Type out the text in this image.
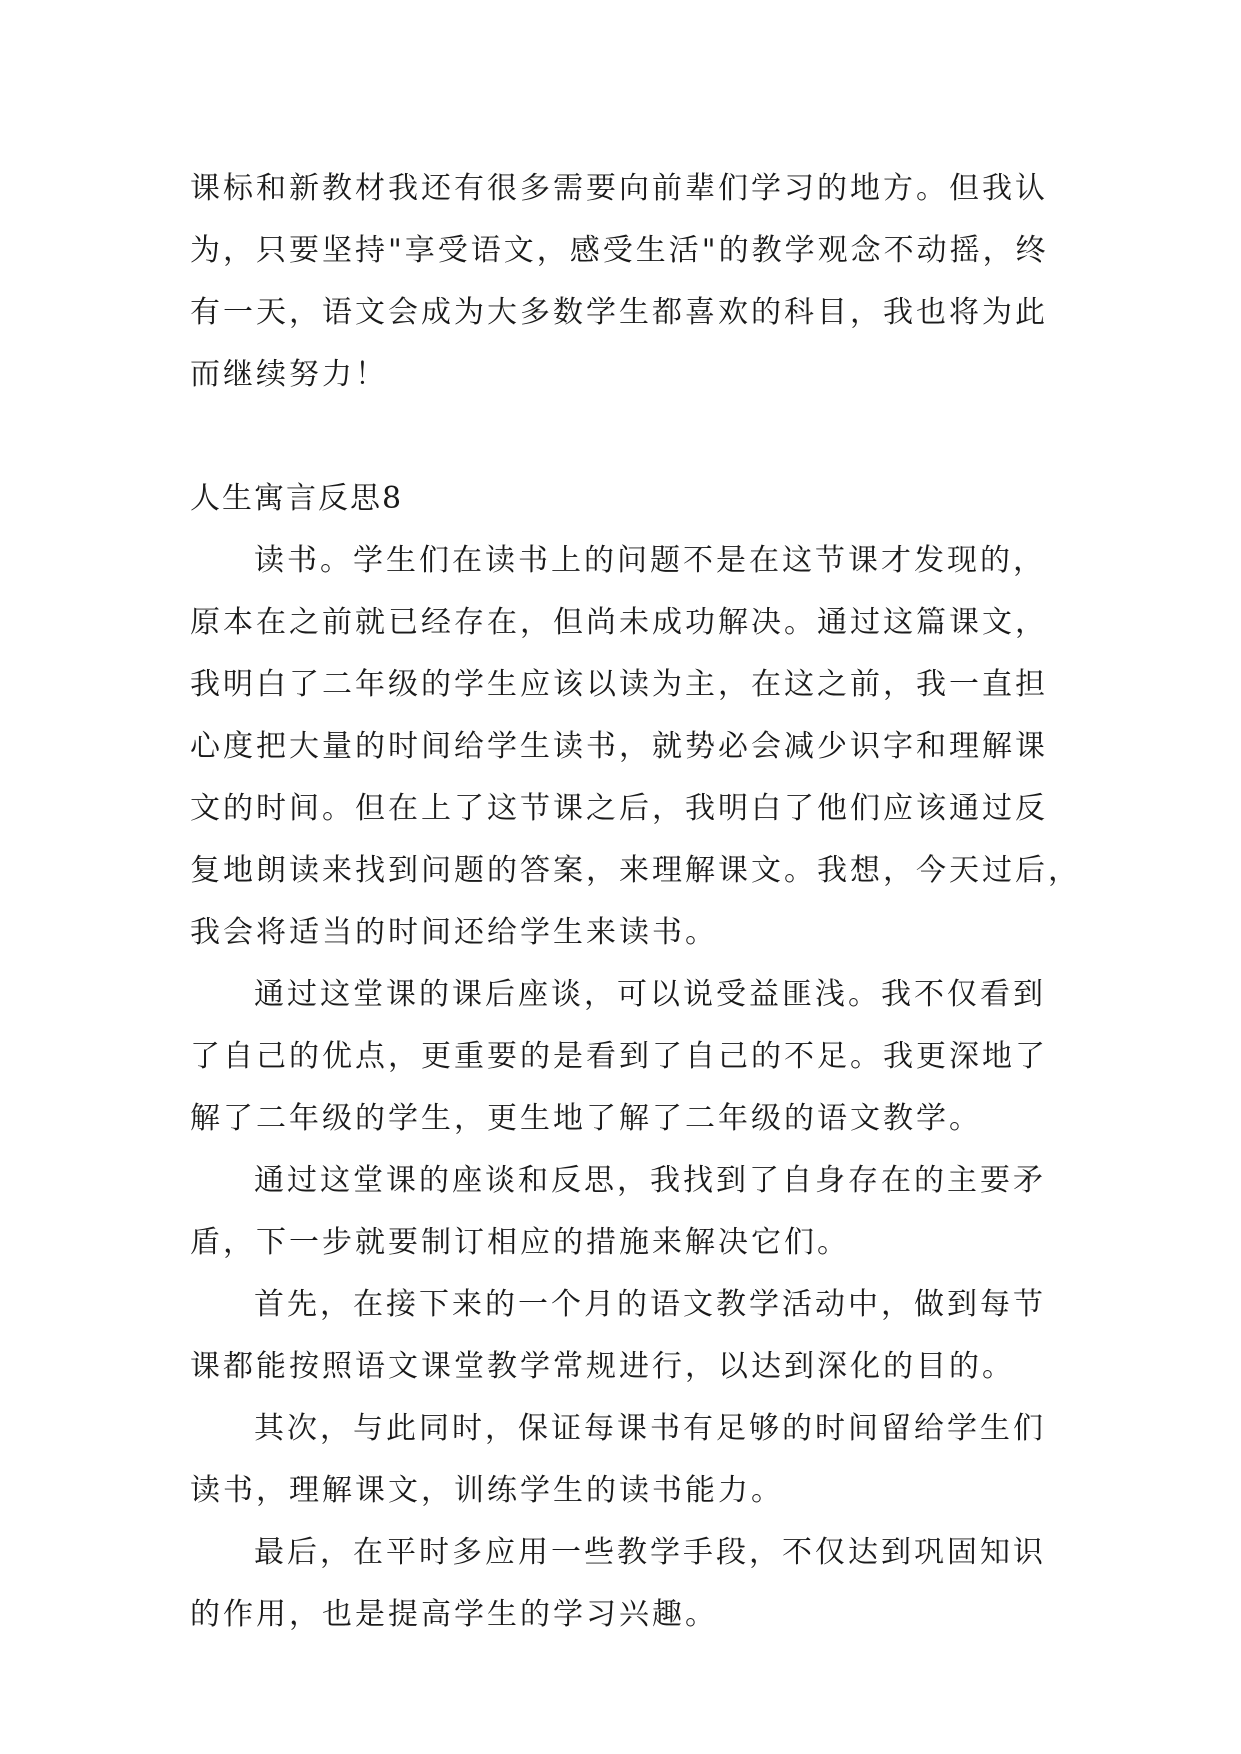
课标和新教材我还有很多需要向前辈们学习的地方。但我认
为，只要坚持"享受语文，感受生活"的教学观念不动摇，终
有一天，语文会成为大多数学生都喜欢的科目，我也将为此
而继续努力！
人生寓言反思8
读书。学生们在读书上的问题不是在这节课才发现的，
原本在之前就已经存在，但尚未成功解决。通过这篇课文，
我明白了二年级的学生应该以读为主，在这之前，我一直担
心度把大量的时间给学生读书，就势必会减少识字和理解课
文的时间。但在上了这节课之后，我明白了他们应该通过反
复地朗读来找到问题的答案，来理解课文。我想，今天过后，
我会将适当的时间还给学生来读书。
通过这堂课的课后座谈，可以说受益匪浅。我不仅看到
了自己的优点，更重要的是看到了自己的不足。我更深地了
解了二年级的学生，更生地了解了二年级的语文教学。
通过这堂课的座谈和反思，我找到了自身存在的主要矛
盾，下一步就要制订相应的措施来解决它们。
首先，在接下来的一个月的语文教学活动中，做到每节
课都能按照语文课堂教学常规进行，以达到深化的目的。
其次，与此同时，保证每课书有足够的时间留给学生们
读书，理解课文，训练学生的读书能力。
最后，在平时多应用一些教学手段，不仅达到巩固知识
的作用，也是提高学生的学习兴趣。
